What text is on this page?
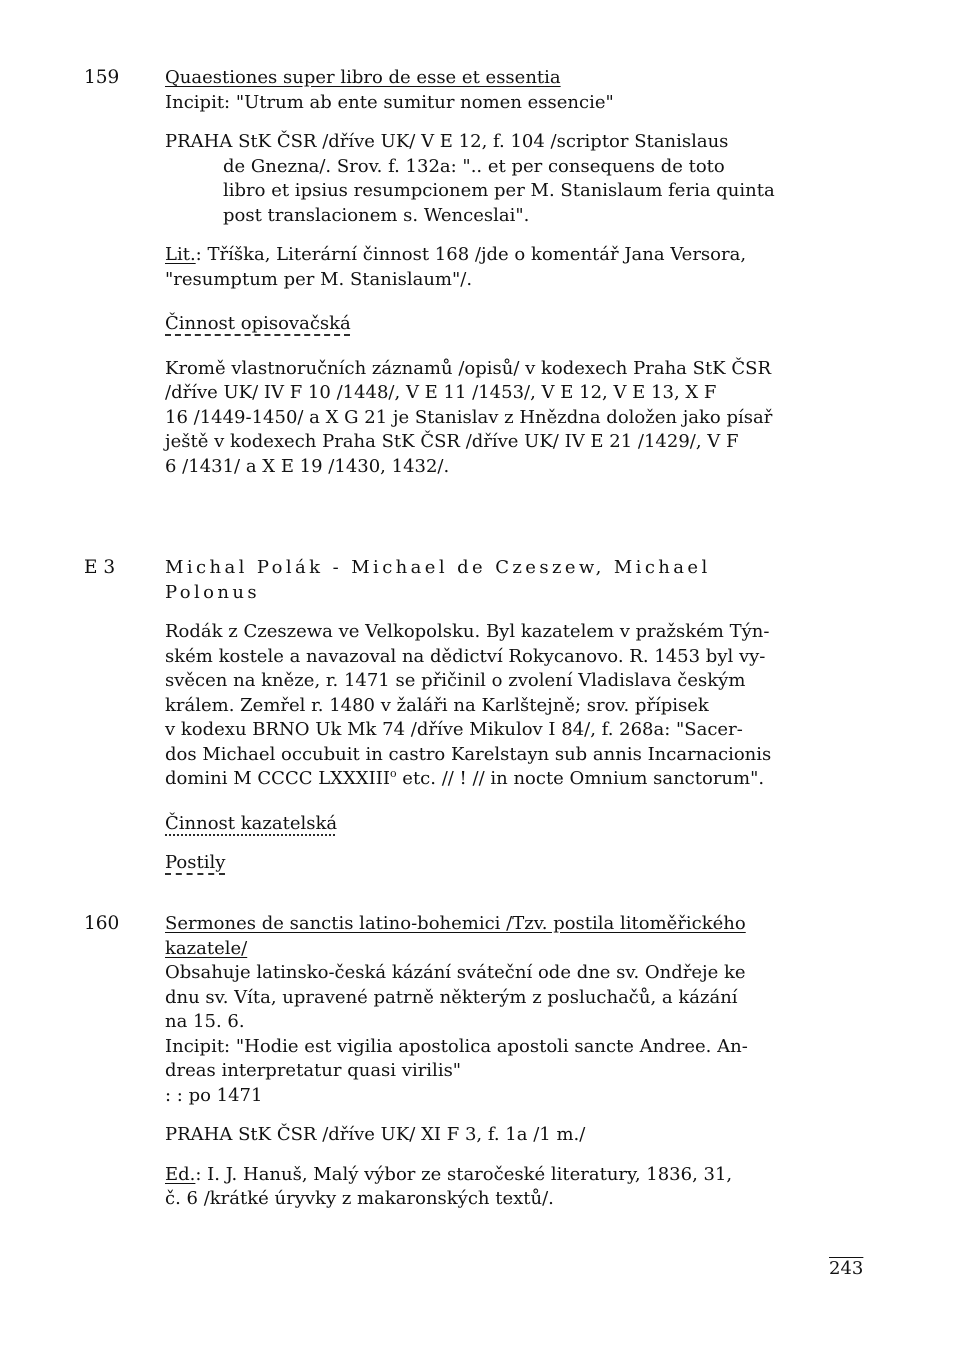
159	Quaestiones super libro de esse et essentia
Incipit: "Utrum ab ente sumitur nomen essencie"
PRAHA StK ČSR /dříve UK/ V E 12, f. 104 /scriptor Stanislaus
de Gnezna/. Srov. f. 132a: ".. et per consequens de toto
libro et ipsius resumpcionem per M. Stanislaum feria quinta
post translacionem s. Wenceslai".
Lit.: Tříška, Literární činnost 168 /jde o komentář Jana Versora,
"resumptum per M. Stanislaum"/.
Činnost opisovačská
Kromě vlastnoručních záznamů /opisů/ v kodexech Praha StK ČSR
/dříve UK/ IV F 10 /1448/, V E 11 /1453/, V E 12, V E 13, X F
16 /1449-1450/ a X G 21 je Stanislav z Hnězdna doložen jako písař
ještě v kodexech Praha StK ČSR /dříve UK/ IV E 21 /1429/, V F
6 /1431/ a X E 19 /1430, 1432/.
E 3	Michal Polák - Michael de Czeszew, Michael
Polonus
Rodák z Czeszewa ve Velkopolsku. Byl kazatelem v pražském Týn-
ském kostele a navazoval na dědictví Rokycanovo. R. 1453 byl vy-
svěcen na kněze, r. 1471 se přičinil o zvolení Vladislava českým
králem. Zemřel r. 1480 v žaláři na Karlštejně; srov. přípisek
v kodexu BRNO Uk Mk 74 /dříve Mikulov I 84/, f. 268a: "Sacer-
dos Michael occubuit in castro Karelstayn sub annis Incarnacionis
domini M CCCC LXXXIII$^o$ etc. // ! // in nocte Omnium sanctorum".
Činnost kazatelská
Postily
160	Sermones de sanctis latino-bohemici /Tzv. postila litoměřického
kazatele/
Obsahuje latinsko-česká kázání sváteční ode dne sv. Ondřeje ke
dnu sv. Víta, upravené patrně některým z posluchačů, a kázání
na 15. 6.
Incipit: "Hodie est vigilia apostolica apostoli sancte Andree. An-
dreas interpretatur quasi virilis"
: : po 1471
PRAHA StK ČSR /dříve UK/ XI F 3, f. 1a /1 m./
Ed.: I. J. Hanuš, Malý výbor ze staročeské literatury, 1836, 31,
č. 6 /krátké úryvky z makaronských textů/.
243
